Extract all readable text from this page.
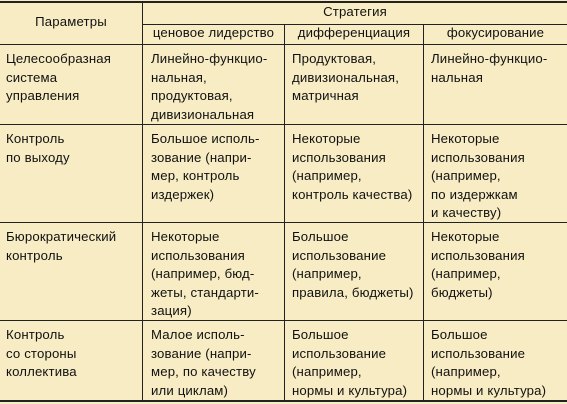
Параметры
Стратегия
ценовое лидерство	дифференциация	фокусирование
Целесообразная
система
управления
Линейно-функцио-
нальная,
продуктовая,
дивизиональная
Продуктовая,
дивизиональная,
матричная
Линейно-функцио-
нальная
Контроль
по выходу
Большое исполь-
зование (напри-
мер, контроль
издержек)
Некоторые
использования
(например,
контроль качества)
Некоторые
использования
(например,
по издержкам
и качеству)
Бюрократический
контроль
Некоторые
использования
(например, бюд-
жеты, стандарти-
зация)
Большое
использование
(например,
правила, бюджеты)
Некоторые
использования
(например,
бюджеты)
Контроль
со стороны
коллектива
Малое исполь-
зование (напри-
мер, по качеству
или циклам)
Большое
использование
(например,
нормы и культура)
Большое
использование
(например,
нормы и культура)
